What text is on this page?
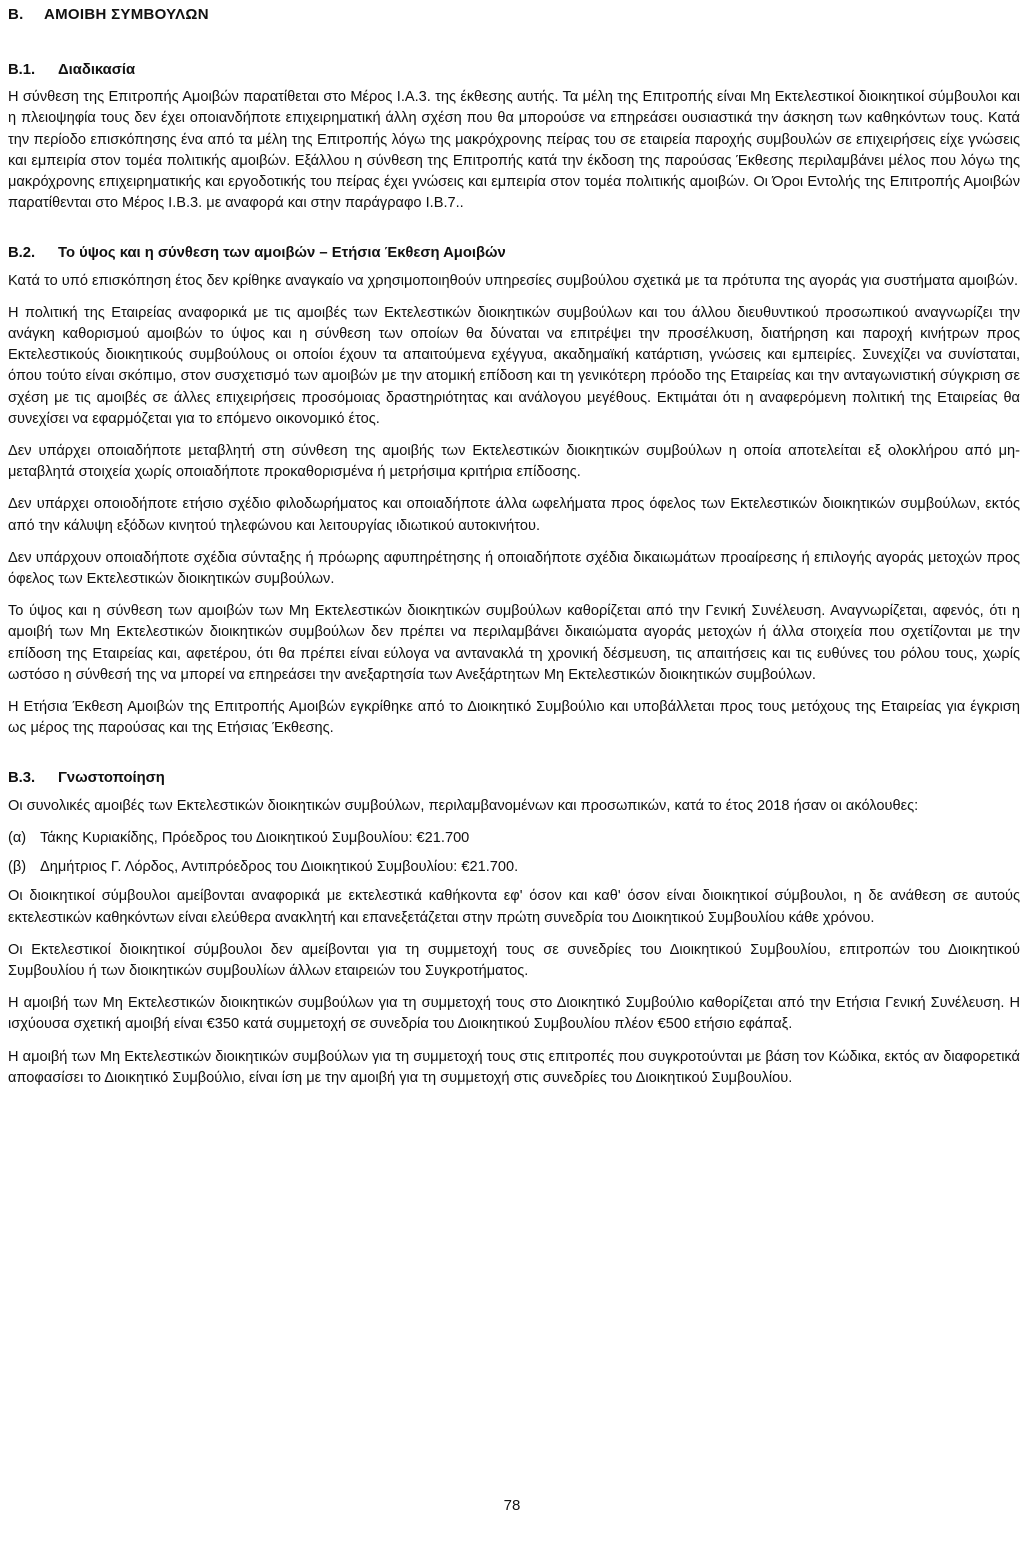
B. ΑΜΟΙΒΗ ΣΥΜΒΟΥΛΩΝ
B.1. Διαδικασία

Η σύνθεση της Επιτροπής Αμοιβών παρατίθεται στο Μέρος I.A.3. της έκθεσης αυτής. Τα μέλη της Επιτροπής είναι Μη Εκτελεστικοί διοικητικοί σύμβουλοι και η πλειοψηφία τους δεν έχει οποιανδήποτε επιχειρηματική άλλη σχέση που θα μπορούσε να επηρεάσει ουσιαστικά την άσκηση των καθηκόντων τους. Κατά την περίοδο επισκόπησης ένα από τα μέλη της Επιτροπής λόγω της μακρόχρονης πείρας του σε εταιρεία παροχής συμβουλών σε επιχειρήσεις είχε γνώσεις και εμπειρία στον τομέα πολιτικής αμοιβών. Εξάλλου η σύνθεση της Επιτροπής κατά την έκδοση της παρούσας Έκθεσης περιλαμβάνει μέλος που λόγω της μακρόχρονης επιχειρηματικής και εργοδοτικής του πείρας έχει γνώσεις και εμπειρία στον τομέα πολιτικής αμοιβών. Οι Όροι Εντολής της Επιτροπής Αμοιβών παρατίθενται στο Μέρος I.B.3. με αναφορά και στην παράγραφο I.B.7..

B.2. Το ύψος και η σύνθεση των αμοιβών – Ετήσια Έκθεση Αμοιβών

Κατά το υπό επισκόπηση έτος δεν κρίθηκε αναγκαίο να χρησιμοποιηθούν υπηρεσίες συμβούλου σχετικά με τα πρότυπα της αγοράς για συστήματα αμοιβών.

Η πολιτική της Εταιρείας αναφορικά με τις αμοιβές των Εκτελεστικών διοικητικών συμβούλων και του άλλου διευθυντικού προσωπικού αναγνωρίζει την ανάγκη καθορισμού αμοιβών το ύψος και η σύνθεση των οποίων θα δύναται να επιτρέψει την προσέλκυση, διατήρηση και παροχή κινήτρων προς Εκτελεστικούς διοικητικούς συμβούλους οι οποίοι έχουν τα απαιτούμενα εχέγγυα, ακαδημαϊκή κατάρτιση, γνώσεις και εμπειρίες. Συνεχίζει να συνίσταται, όπου τούτο είναι σκόπιμο, στον συσχετισμό των αμοιβών με την ατομική επίδοση και τη γενικότερη πρόοδο της Εταιρείας και την ανταγωνιστική σύγκριση σε σχέση με τις αμοιβές σε άλλες επιχειρήσεις προσόμοιας δραστηριότητας και ανάλογου μεγέθους. Εκτιμάται ότι η αναφερόμενη πολιτική της Εταιρείας θα συνεχίσει να εφαρμόζεται για το επόμενο οικονομικό έτος.

Δεν υπάρχει οποιαδήποτε μεταβλητή στη σύνθεση της αμοιβής των Εκτελεστικών διοικητικών συμβούλων η οποία αποτελείται εξ ολοκλήρου από μη-μεταβλητά στοιχεία χωρίς οποιαδήποτε προκαθορισμένα ή μετρήσιμα κριτήρια επίδοσης.

Δεν υπάρχει οποιοδήποτε ετήσιο σχέδιο φιλοδωρήματος και οποιαδήποτε άλλα ωφελήματα προς όφελος των Εκτελεστικών διοικητικών συμβούλων, εκτός από την κάλυψη εξόδων κινητού τηλεφώνου και λειτουργίας ιδιωτικού αυτοκινήτου.

Δεν υπάρχουν οποιαδήποτε σχέδια σύνταξης ή πρόωρης αφυπηρέτησης ή οποιαδήποτε σχέδια δικαιωμάτων προαίρεσης ή επιλογής αγοράς μετοχών προς όφελος των Εκτελεστικών διοικητικών συμβούλων.

Το ύψος και η σύνθεση των αμοιβών των Μη Εκτελεστικών διοικητικών συμβούλων καθορίζεται από την Γενική Συνέλευση. Αναγνωρίζεται, αφενός, ότι η αμοιβή των Μη Εκτελεστικών διοικητικών συμβούλων δεν πρέπει να περιλαμβάνει δικαιώματα αγοράς μετοχών ή άλλα στοιχεία που σχετίζονται με την επίδοση της Εταιρείας και, αφετέρου, ότι θα πρέπει είναι εύλογα να αντανακλά τη χρονική δέσμευση, τις απαιτήσεις και τις ευθύνες του ρόλου τους, χωρίς ωστόσο η σύνθεσή της να μπορεί να επηρεάσει την ανεξαρτησία των Ανεξάρτητων Μη Εκτελεστικών διοικητικών συμβούλων.

Η Ετήσια Έκθεση Αμοιβών της Επιτροπής Αμοιβών εγκρίθηκε από το Διοικητικό Συμβούλιο και υποβάλλεται προς τους μετόχους της Εταιρείας για έγκριση ως μέρος της παρούσας και της Ετήσιας Έκθεσης.

B.3. Γνωστοποίηση

Οι συνολικές αμοιβές των Εκτελεστικών διοικητικών συμβούλων, περιλαμβανομένων και προσωπικών, κατά το έτος 2018 ήσαν οι ακόλουθες:

(α) Τάκης Κυριακίδης, Πρόεδρος του Διοικητικού Συμβουλίου: €21.700
(β) Δημήτριος Γ. Λόρδος, Αντιπρόεδρος του Διοικητικού Συμβουλίου: €21.700.

Οι διοικητικοί σύμβουλοι αμείβονται αναφορικά με εκτελεστικά καθήκοντα εφ' όσον και καθ' όσον είναι διοικητικοί σύμβουλοι, η δε ανάθεση σε αυτούς εκτελεστικών καθηκόντων είναι ελεύθερα ανακλητή και επανεξετάζεται στην πρώτη συνεδρία του Διοικητικού Συμβουλίου κάθε χρόνου.

Οι Εκτελεστικοί διοικητικοί σύμβουλοι δεν αμείβονται για τη συμμετοχή τους σε συνεδρίες του Διοικητικού Συμβουλίου, επιτροπών του Διοικητικού Συμβουλίου ή των διοικητικών συμβουλίων άλλων εταιρειών του Συγκροτήματος.

Η αμοιβή των Μη Εκτελεστικών διοικητικών συμβούλων για τη συμμετοχή τους στο Διοικητικό Συμβούλιο καθορίζεται από την Ετήσια Γενική Συνέλευση. Η ισχύουσα σχετική αμοιβή είναι €350 κατά συμμετοχή σε συνεδρία του Διοικητικού Συμβουλίου πλέον €500 ετήσιο εφάπαξ.

Η αμοιβή των Μη Εκτελεστικών διοικητικών συμβούλων για τη συμμετοχή τους στις επιτροπές που συγκροτούνται με βάση τον Κώδικα, εκτός αν διαφορετικά αποφασίσει το Διοικητικό Συμβούλιο, είναι ίση με την αμοιβή για τη συμμετοχή στις συνεδρίες του Διοικητικού Συμβουλίου.

78
